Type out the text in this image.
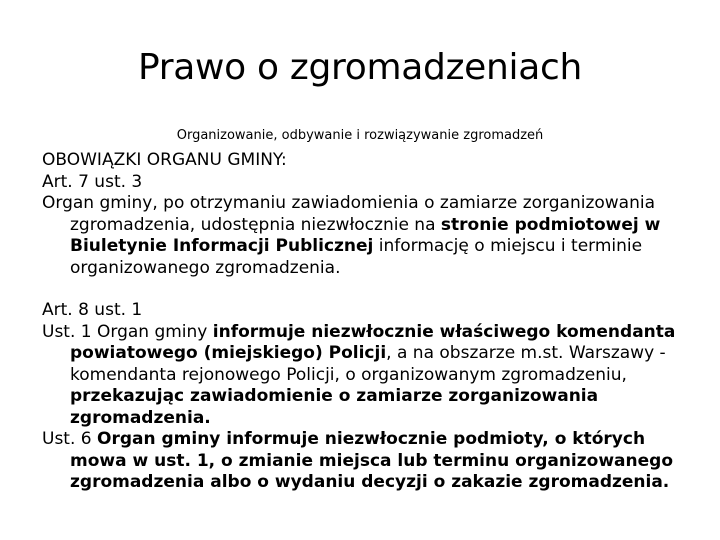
Prawo o zgromadzeniach
Organizowanie, odbywanie i rozwiązywanie zgromadzeń

OBOWIĄZKI ORGANU GMINY:

Art. 7 ust. 3

Organ gminy, po otrzymaniu zawiadomienia o zamiarze zorganizowania zgromadzenia, udostępnia niezwłocznie na stronie podmiotowej w Biuletynie Informacji Publicznej informację o miejscu i terminie organizowanego zgromadzenia.

Art. 8 ust. 1

Ust. 1 Organ gminy informuje niezwłocznie właściwego komendanta powiatowego (miejskiego) Policji, a na obszarze m.st. Warszawy - komendanta rejonowego Policji, o organizowanym zgromadzeniu, przekazując zawiadomienie o zamiarze zorganizowania zgromadzenia.

Ust. 6 Organ gminy informuje niezwłocznie podmioty, o których mowa w ust. 1, o zmianie miejsca lub terminu organizowanego zgromadzenia albo o wydaniu decyzji o zakazie zgromadzenia.
